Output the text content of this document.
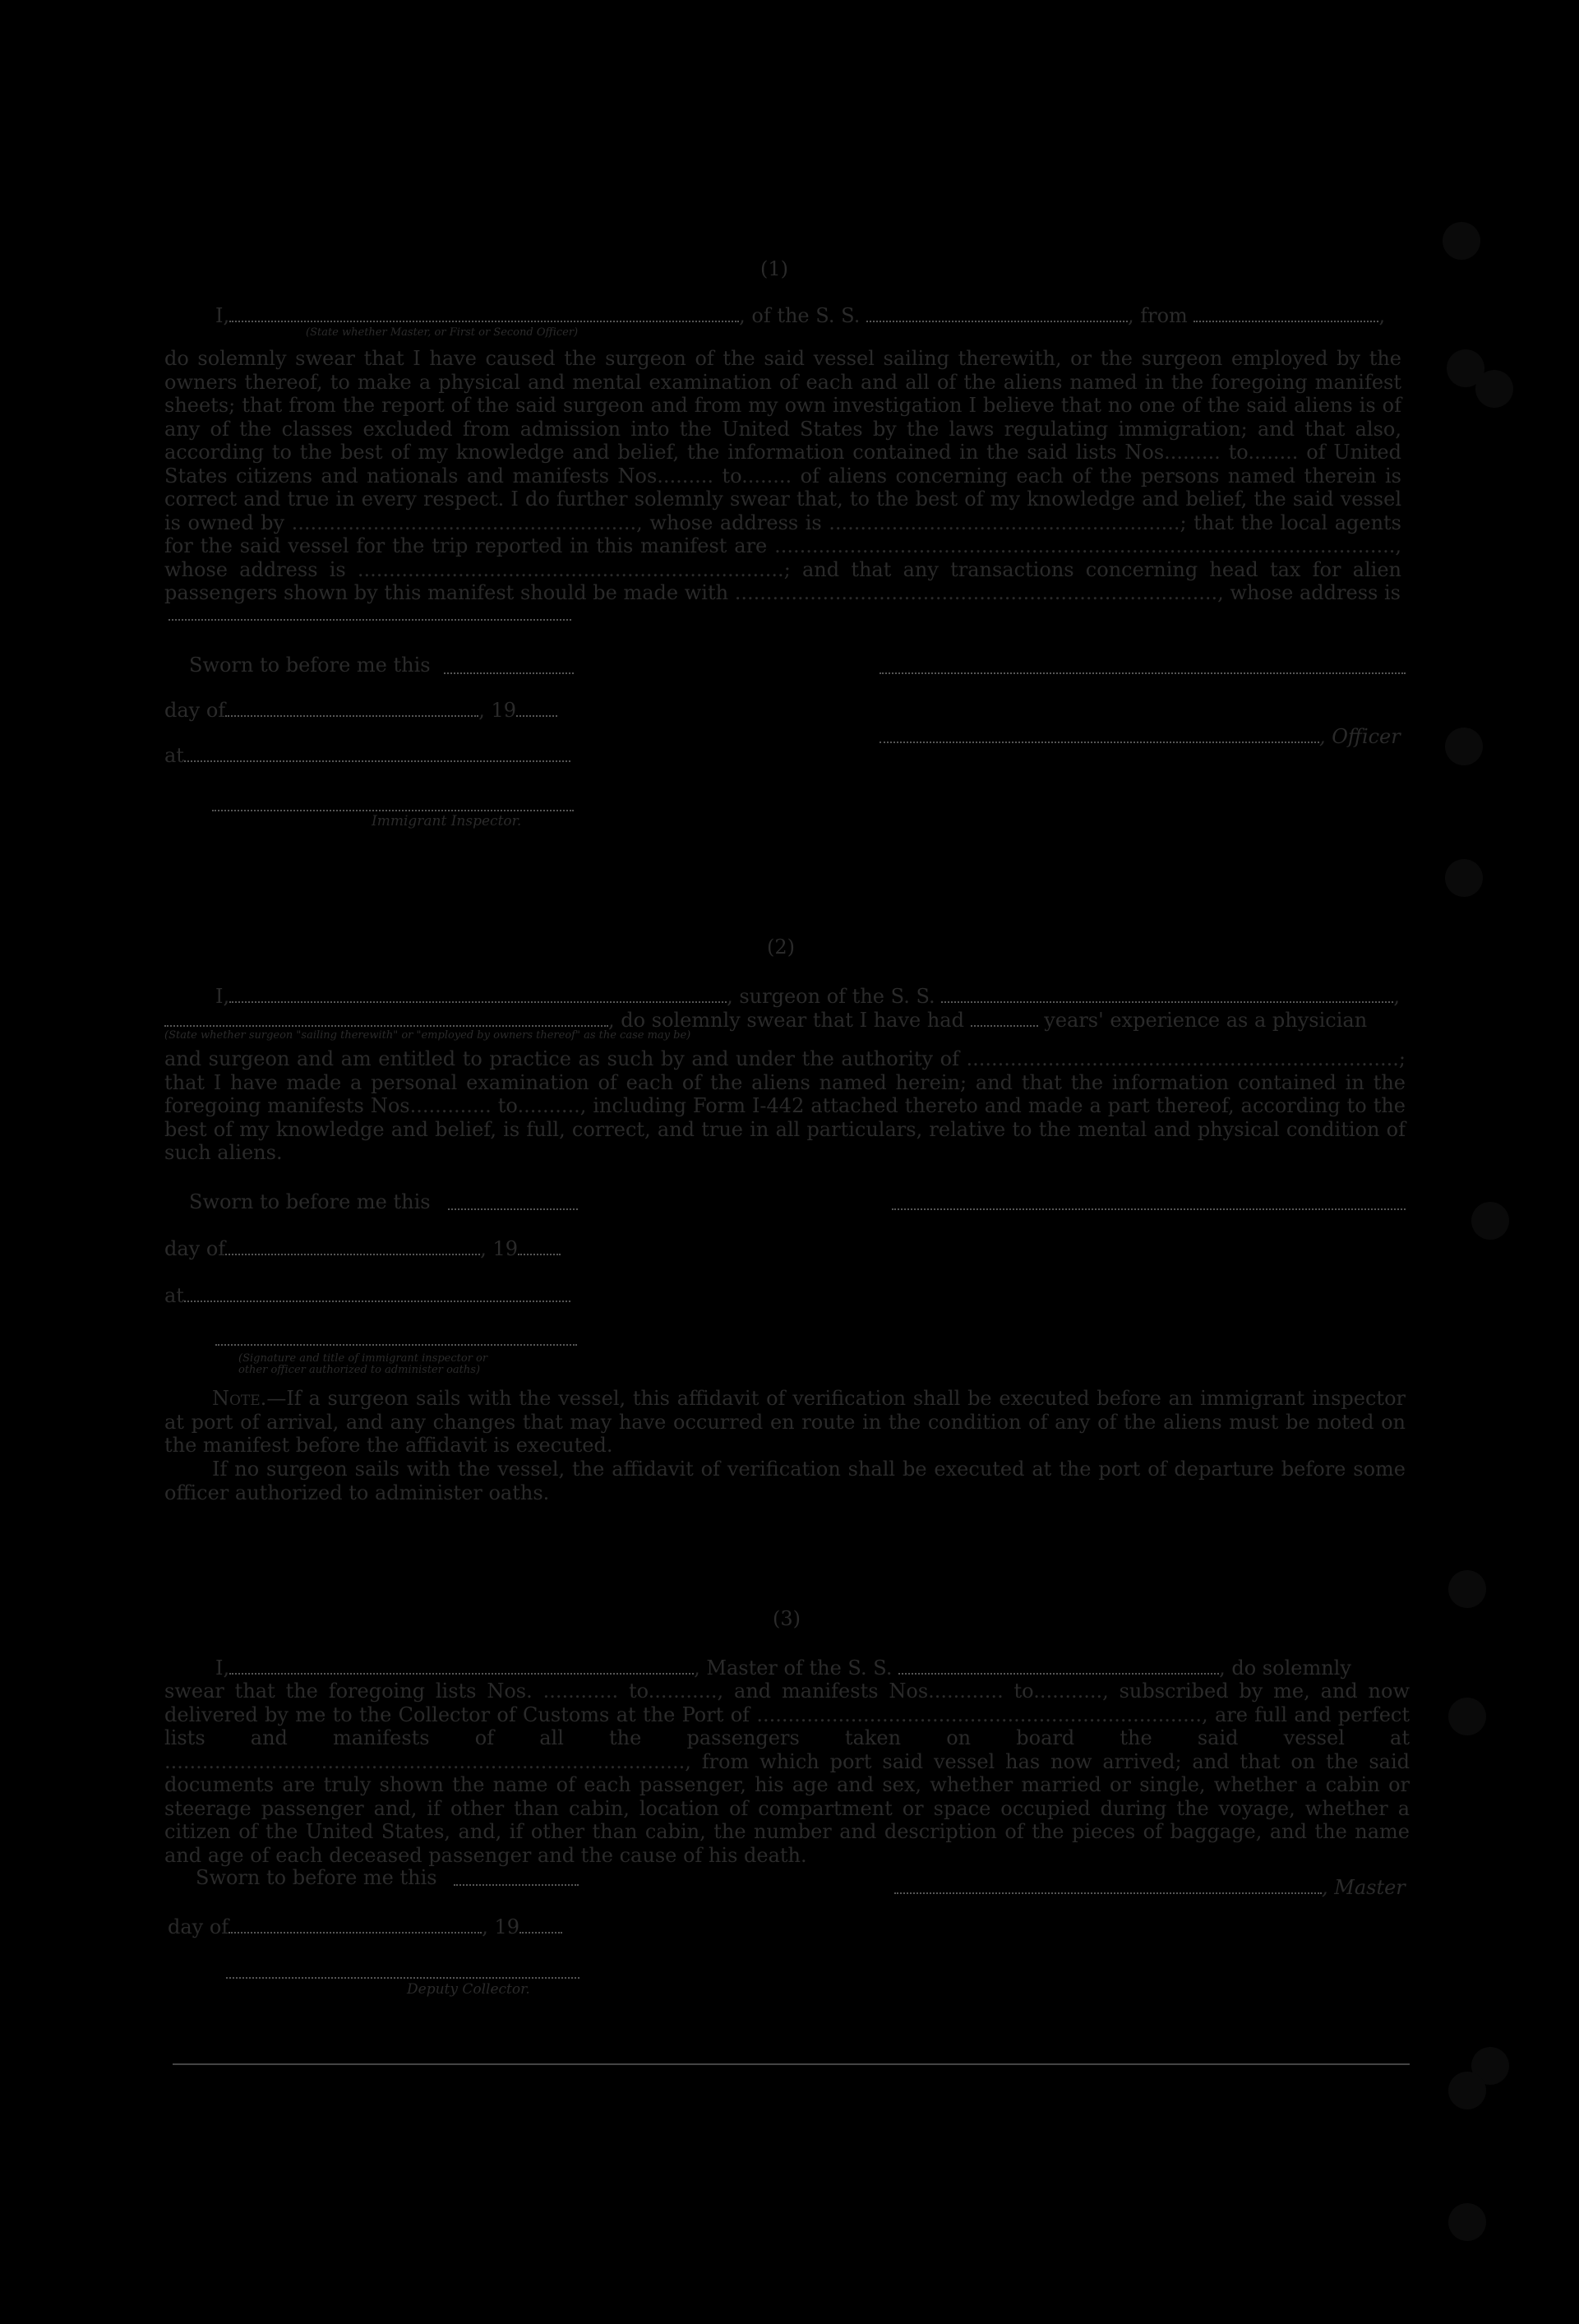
(1)
I,	, of the S. S.	, from	,
(State whether Master, or First or Second Officer)
do solemnly swear that I have caused the surgeon of the said vessel sailing therewith, or the surgeon employed by the owners thereof, to make a physical and mental examination of each and all of the aliens named in the foregoing manifest sheets; that from the report of the said surgeon and from my own investigation I believe that no one of the said aliens is of any of the classes excluded from admission into the United States by the laws regulating immigration; and that also, according to the best of my knowledge and belief, the information contained in the said lists Nos......... to........ of United States citizens and nationals and manifests Nos......... to........ of aliens concerning each of the persons named therein is correct and true in every respect. I do further solemnly swear that, to the best of my knowledge and belief, the said vessel is owned by ......................................................., whose address is ........................................................; that the local agents for the said vessel for the trip reported in this manifest are ..................................................................................................., whose address is ....................................................................; and that any transactions concerning head tax for alien passengers shown by this manifest should be made with ............................................................................., whose address is
Sworn to before me this
day of	, 19
at
, Officer
Immigrant Inspector.
(2)
I,	, surgeon of the S. S.	,
, do solemnly swear that I have had	years' experience as a physician
(State whether surgeon "sailing therewith" or "employed by owners thereof" as the case may be)
and surgeon and am entitled to practice as such by and under the authority of .....................................................................; that I have made a personal examination of each of the aliens named herein; and that the information contained in the foregoing manifests Nos............. to.........., including Form I-442 attached thereto and made a part thereof, according to the best of my knowledge and belief, is full, correct, and true in all particulars, relative to the mental and physical condition of such aliens.
Sworn to before me this
day of	, 19
at
(Signature and title of immigrant inspector or
other officer authorized to administer oaths)
Note.—If a surgeon sails with the vessel, this affidavit of verification shall be executed before an immigrant inspector at port of arrival, and any changes that may have occurred en route in the condition of any of the aliens must be noted on the manifest before the affidavit is executed.
If no surgeon sails with the vessel, the affidavit of verification shall be executed at the port of departure before some officer authorized to administer oaths.
(3)
I,	, Master of the S. S.	, do solemnly
swear that the foregoing lists Nos. ............ to..........., and manifests Nos............ to..........., subscribed by me, and now delivered by me to the Collector of Customs at the Port of ......................................................................., are full and perfect lists and manifests of all the passengers taken on board the said vessel at ..................................................................................., from which port said vessel has now arrived; and that on the said documents are truly shown the name of each passenger, his age and sex, whether married or single, whether a cabin or steerage passenger and, if other than cabin, location of compartment or space occupied during the voyage, whether a citizen of the United States, and, if other than cabin, the number and description of the pieces of baggage, and the name and age of each deceased passenger and the cause of his death.
Sworn to before me this	, Master
day of	, 19
Deputy Collector.
